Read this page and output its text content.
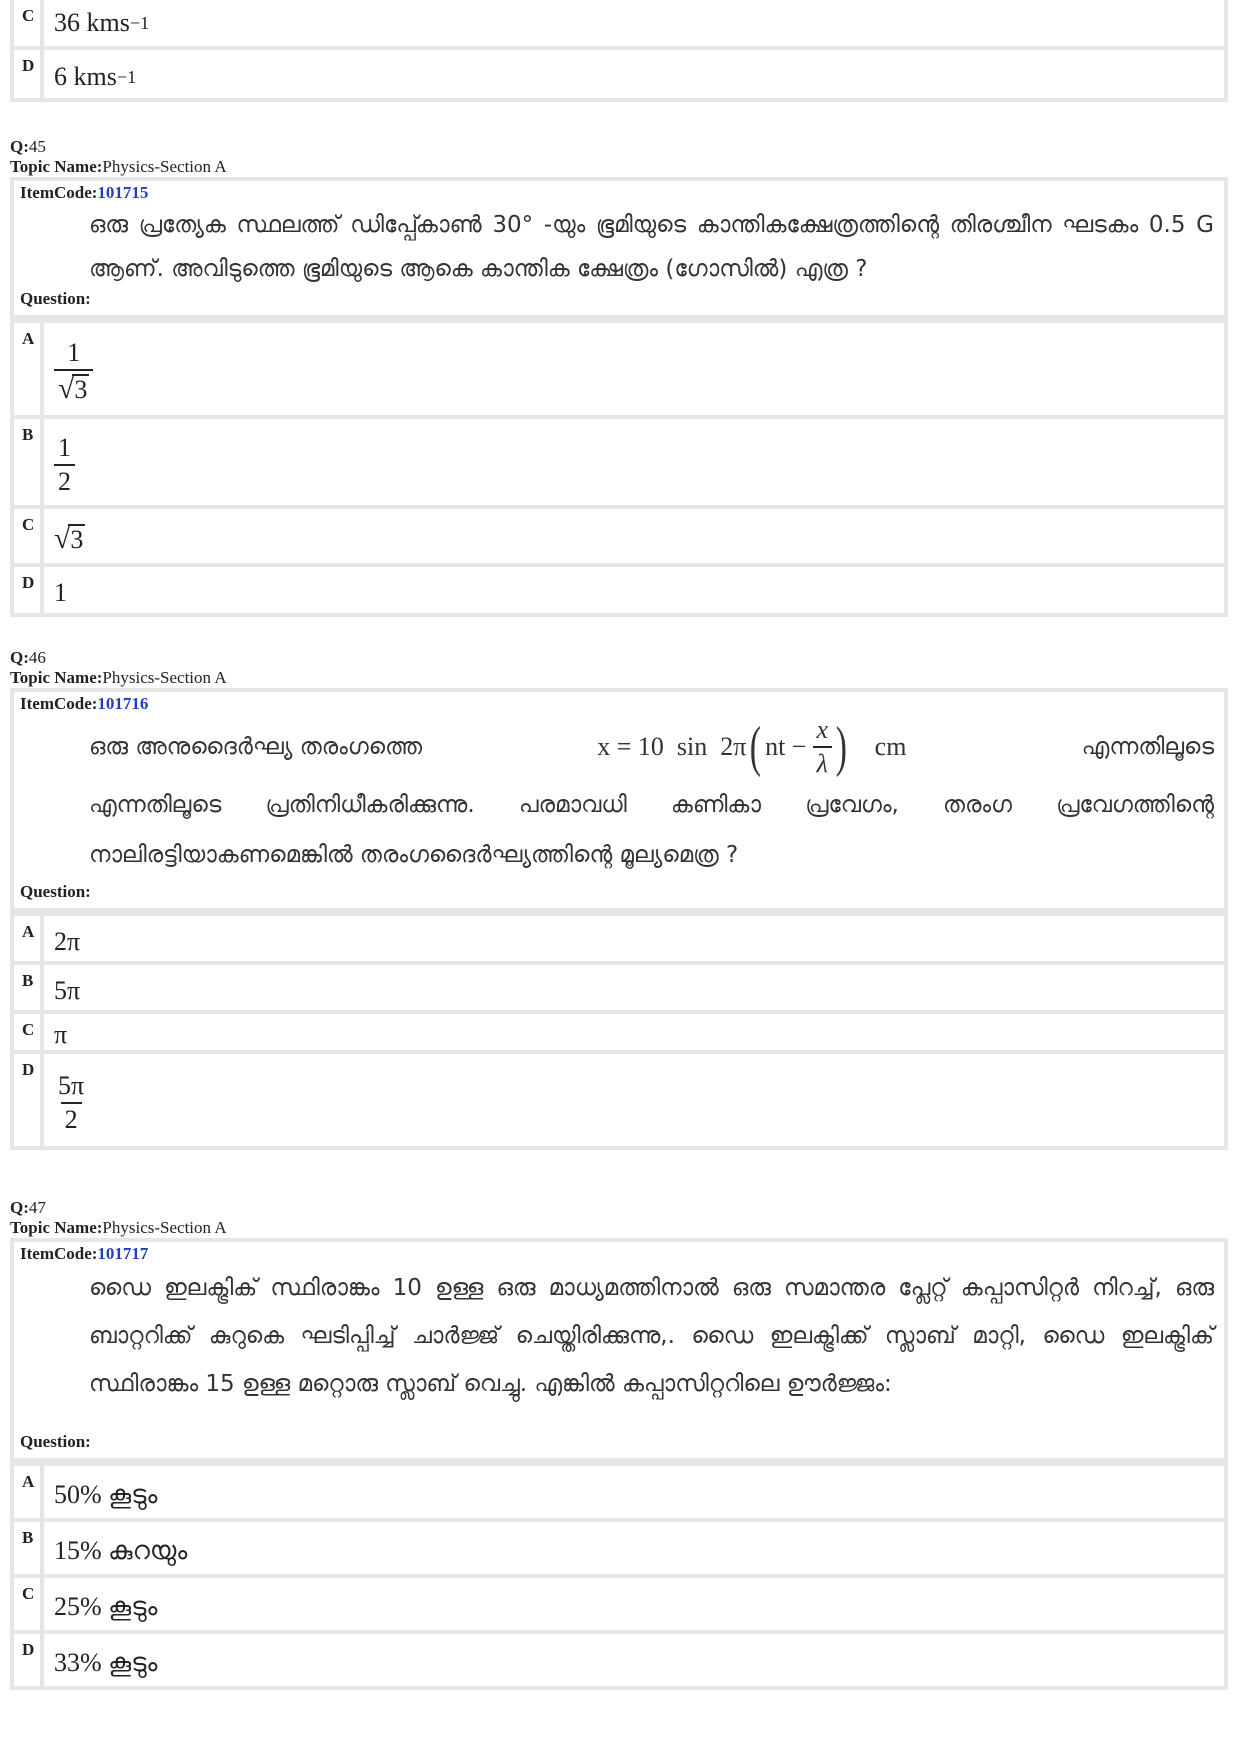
C 36 kms −1
D 6 kms −1
Q:45
Topic Name:Physics-Section A
ItemCode:101715
ഒരു പ്രത്യേക സ്ഥലത്ത് ഡിപ്പ്കോൺ 30° -യും ഭൂമിയുടെ കാന്തികക്ഷേത്രത്തിന്റെ തിരശ്ചീന ഘടകം 0.5 G ആണ്. അവിടുത്തെ ഭൂമിയുടെ ആകെ കാന്തിക ക്ഷേത്രം (ഗോസിൽ) എത്ര ?
Question:
A
$\frac{1}{√ 3}$
B
$\frac{1}{2}$
C √ 3
D 1
Q:46
Topic Name:Physics-Section A
ItemCode:101716
ഒരു അനുദൈർഘ്യ തരംഗത്തെ	x = 10  sin  2π ( nt − $\frac{x}{\lambda}$ ) cm	എന്നതിലൂടെ
എന്നതിലൂടെ പ്രതിനിധീകരിക്കുന്നു. പരമാവധി കണികാ പ്രവേഗം, തരംഗ പ്രവേഗത്തിന്റെ നാലിരട്ടിയാകണമെങ്കിൽ തരംഗദൈർഘ്യത്തിന്റെ മൂല്യമെത്ര ?
Question:
A 2π
B 5π
C π
D
$\frac{5\pi}{2}$
Q:47
Topic Name:Physics-Section A
ItemCode:101717
ഡൈ ഇലക്ട്രിക് സ്ഥിരാങ്കം 10 ഉള്ള ഒരു മാധ്യമത്തിനാൽ ഒരു സമാന്തര പ്ലേറ്റ് കപ്പാസിറ്റർ നിറച്ച്, ഒരു ബാറ്ററിക്ക് കുറുകെ ഘടിപ്പിച്ച് ചാർജ്ജ് ചെയ്തിരിക്കുന്നു,. ഡൈ ഇലക്ട്രിക്ക് സ്ലാബ് മാറ്റി, ഡൈ ഇലക്ട്രിക് സ്ഥിരാങ്കം 15 ഉള്ള മറ്റൊരു സ്ലാബ് വെച്ചു. എങ്കിൽ കപ്പാസിറ്ററിലെ ഊർജ്ജം:
Question:
A 50% കൂടും
B 15% കുറയും
C 25% കൂടും
D 33% കൂടും
